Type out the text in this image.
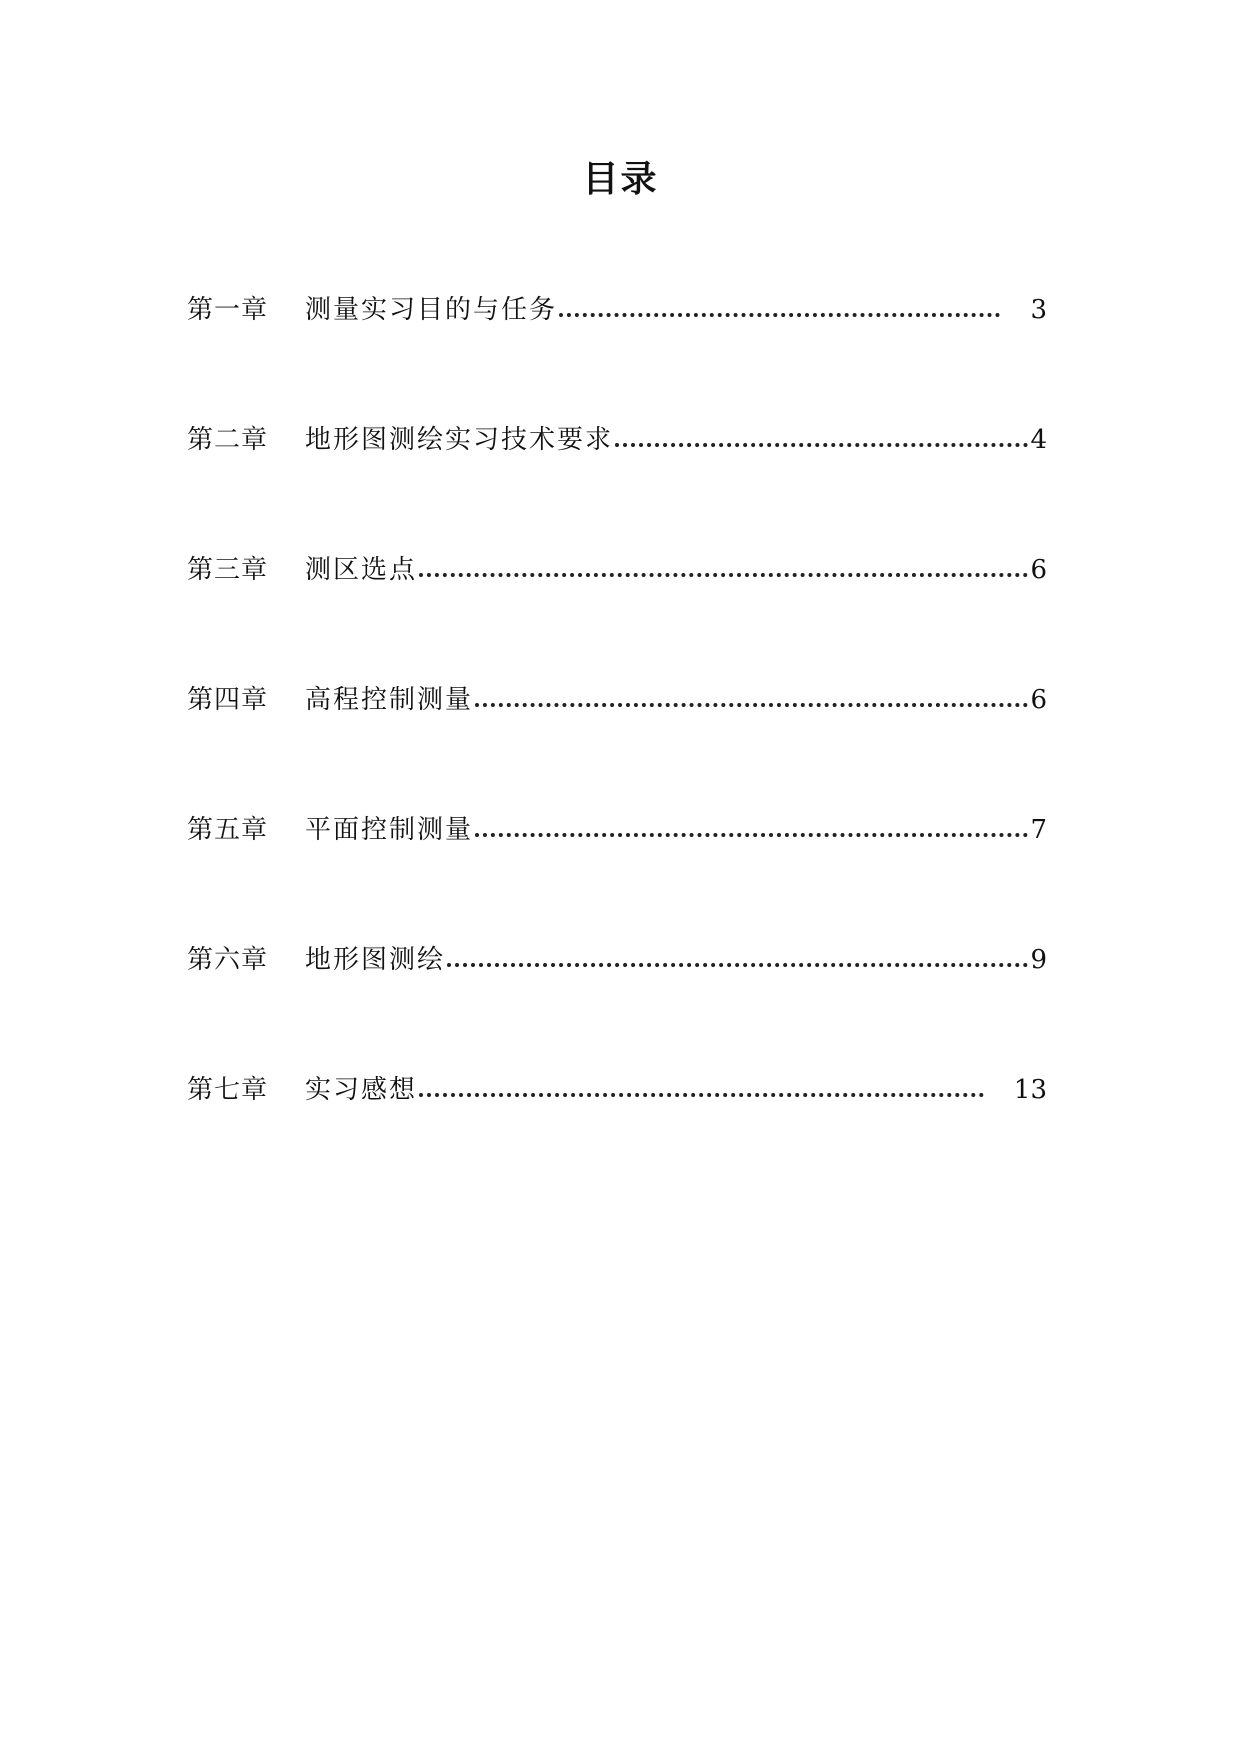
目录
第一章	测量实习目的与任务	3
第二章	地形图测绘实习技术要求	4
第三章	测区选点	6
第四章	高程控制测量	6
第五章	平面控制测量	7
第六章	地形图测绘	9
第七章	实习感想	13
